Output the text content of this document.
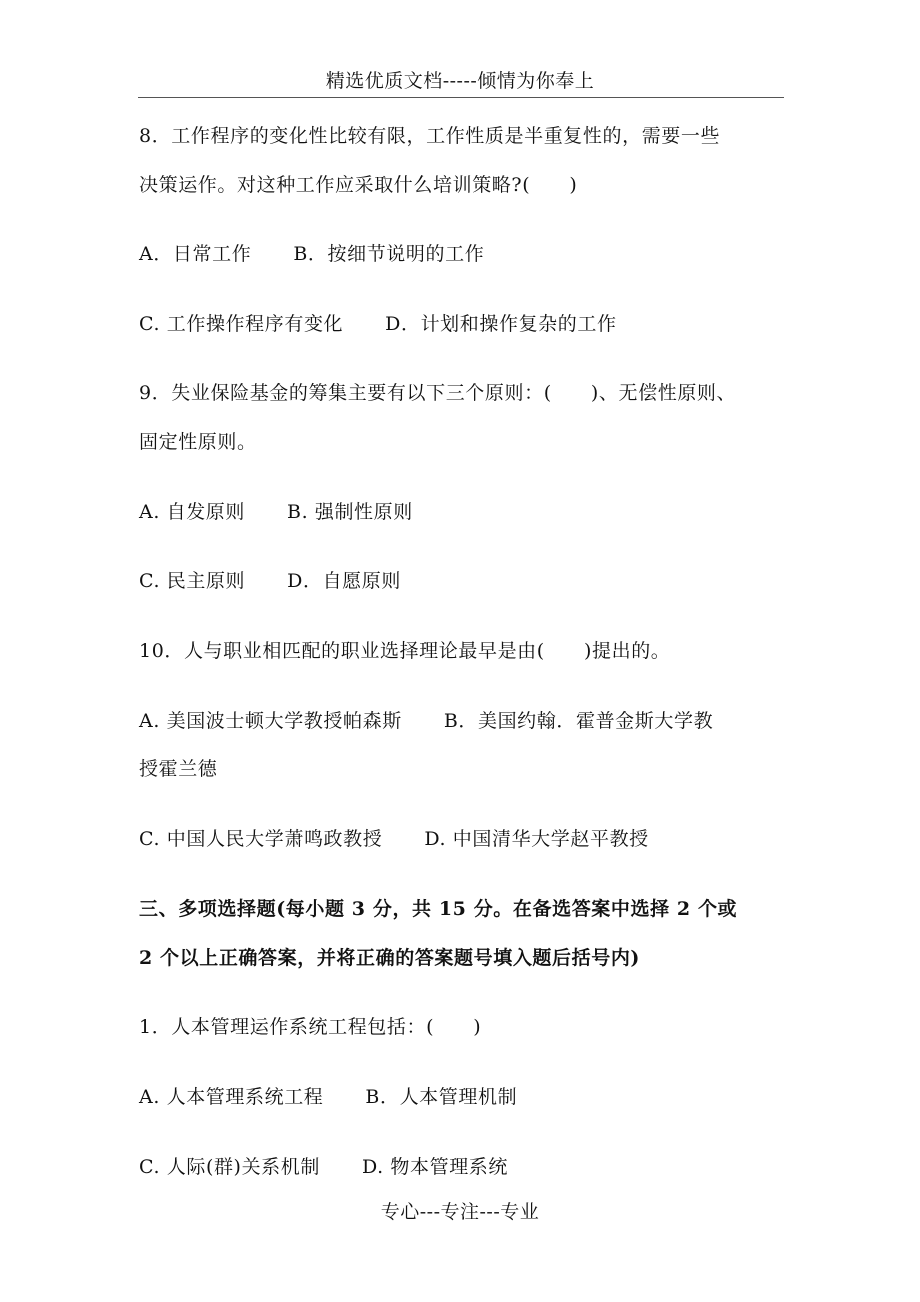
精选优质文档-----倾情为你奉上
8．工作程序的变化性比较有限，工作性质是半重复性的，需要一些
决策运作。对这种工作应采取什么培训策略?(　　)
A．日常工作 B．按细节说明的工作
C. 工作操作程序有变化 D．计划和操作复杂的工作
9．失业保险基金的筹集主要有以下三个原则：(　　)、无偿性原则、
固定性原则。
A. 自发原则 B. 强制性原则
C. 民主原则 D．自愿原则
10．人与职业相匹配的职业选择理论最早是由(　　)提出的。
A. 美国波士顿大学教授帕森斯 B．美国约翰．霍普金斯大学教
授霍兰德
C. 中国人民大学萧鸣政教授 D. 中国清华大学赵平教授
三、多项选择题(每小题 3 分，共 15 分。在备选答案中选择 2 个或
2 个以上正确答案，并将正确的答案题号填入题后括号内)
1．人本管理运作系统工程包括：(　　)
A. 人本管理系统工程 B．人本管理机制
C. 人际(群)关系机制 D. 物本管理系统
专心---专注---专业
